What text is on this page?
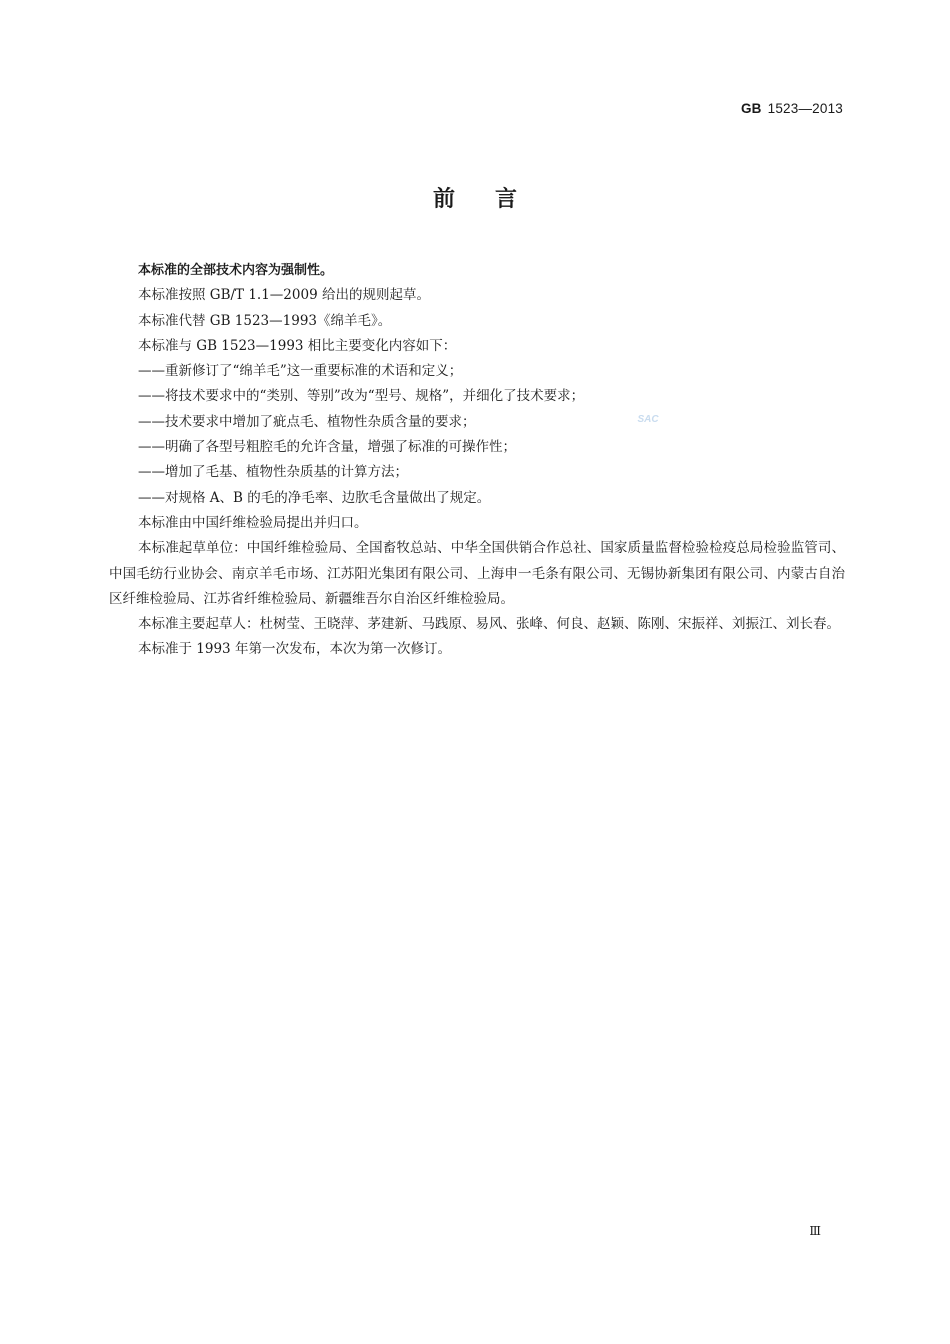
GB 1523—2013
前言
SAC

本标准的全部技术内容为强制性。

本标准按照 GB/T 1.1—2009 给出的规则起草。

本标准代替 GB 1523—1993《绵羊毛》。

本标准与 GB 1523—1993 相比主要变化内容如下：

——重新修订了“绵羊毛”这一重要标准的术语和定义；

——将技术要求中的“类别、等别”改为“型号、规格”，并细化了技术要求；

——技术要求中增加了疵点毛、植物性杂质含量的要求；

——明确了各型号粗腔毛的允许含量，增强了标准的可操作性；

——增加了毛基、植物性杂质基的计算方法；

——对规格 A、B 的毛的净毛率、边肷毛含量做出了规定。

本标准由中国纤维检验局提出并归口。

本标准起草单位：中国纤维检验局、全国畜牧总站、中华全国供销合作总社、国家质量监督检验检疫总局检验监管司、中国毛纺行业协会、南京羊毛市场、江苏阳光集团有限公司、上海申一毛条有限公司、无锡协新集团有限公司、内蒙古自治区纤维检验局、江苏省纤维检验局、新疆维吾尔自治区纤维检验局。

本标准主要起草人：杜树莹、王晓萍、茅建新、马践原、易风、张峰、何良、赵颖、陈刚、宋振祥、刘振江、刘长春。

本标准于 1993 年第一次发布，本次为第一次修订。

Ⅲ
